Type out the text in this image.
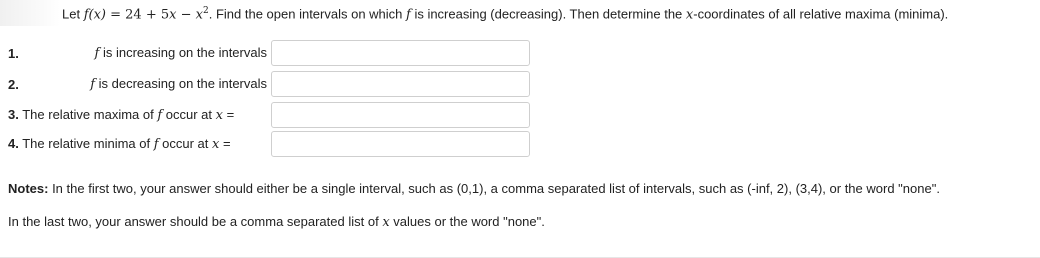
Let $f(x) = 24 + 5x - x^2$. Find the open intervals on which f is increasing (decreasing). Then determine the x-coordinates of all relative maxima (minima).
1.	f is increasing on the intervals
2.	f is decreasing on the intervals
3. The relative maxima of f occur at x =
4. The relative minima of f occur at x =
Notes: In the first two, your answer should either be a single interval, such as (0,1), a comma separated list of intervals, such as (-inf, 2), (3,4), or the word "none".
In the last two, your answer should be a comma separated list of x values or the word "none".
